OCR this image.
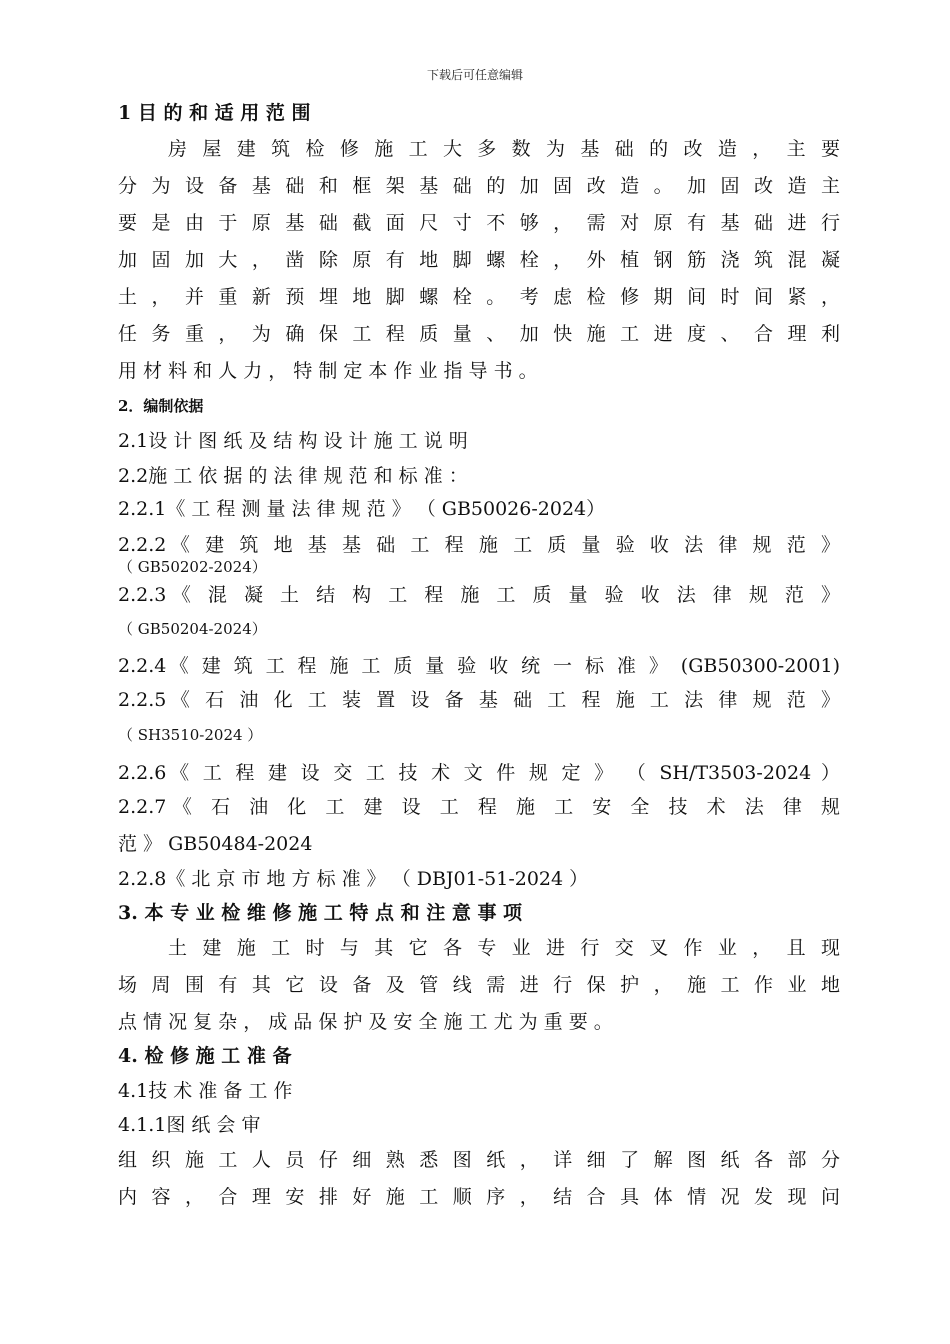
下载后可任意编辑
1 目 的 和 适 用 范 围
房 屋 建 筑 检 修 施 工 大 多 数 为 基 础 的 改 造 ， 主 要
分 为 设 备 基 础 和 框 架 基 础 的 加 固 改 造 。 加 固 改 造 主
要 是 由 于 原 基 础 截 面 尺 寸 不 够 ， 需 对 原 有 基 础 进 行
加 固 加 大 ， 凿 除 原 有 地 脚 螺 栓 ， 外 植 钢 筋 浇 筑 混 凝
土 ， 并 重 新 预 埋 地 脚 螺 栓 。 考 虑 检 修 期 间 时 间 紧 ，
任 务 重 ， 为 确 保 工 程 质 量 、 加 快 施 工 进 度 、 合 理 利
用 材 料 和 人 力 ， 特 制 定 本 作 业 指 导 书 。
2．编制依据
2.1设 计 图 纸 及 结 构 设 计 施 工 说 明
2.2施 工 依 据 的 法 律 规 范 和 标 准 ：
2.2.1《 工 程 测 量 法 律 规 范 》 （ GB50026-2024）
2.2.2《 建 筑 地 基 基 础 工 程 施 工 质 量 验 收 法 律 规 范 》
（ GB50202-2024）
2.2.3《 混 凝 土 结 构 工 程 施 工 质 量 验 收 法 律 规 范 》
（ GB50204-2024）
2.2.4《 建 筑 工 程 施 工 质 量 验 收 统 一 标 准 》 (GB50300-2001)
2.2.5《 石 油 化 工 装 置 设 备 基 础 工 程 施 工 法 律 规 范 》
（ SH3510-2024 ）
2.2.6《 工 程 建 设 交 工 技 术 文 件 规 定 》 （ SH/T3503-2024 ）
2.2.7《 石 油 化 工 建 设 工 程 施 工 安 全 技 术 法 律 规
范 》 GB50484-2024
2.2.8《 北 京 市 地 方 标 准 》 （ DBJ01-51-2024 ）
3. 本 专 业 检 维 修 施 工 特 点 和 注 意 事 项
土 建 施 工 时 与 其 它 各 专 业 进 行 交 叉 作 业 ， 且 现
场 周 围 有 其 它 设 备 及 管 线 需 进 行 保 护 ， 施 工 作 业 地
点 情 况 复 杂 ， 成 品 保 护 及 安 全 施 工 尤 为 重 要 。
4. 检 修 施 工 准 备
4.1技 术 准 备 工 作
4.1.1图 纸 会 审
组 织 施 工 人 员 仔 细 熟 悉 图 纸 ， 详 细 了 解 图 纸 各 部 分
内 容 ， 合 理 安 排 好 施 工 顺 序 ， 结 合 具 体 情 况 发 现 问
